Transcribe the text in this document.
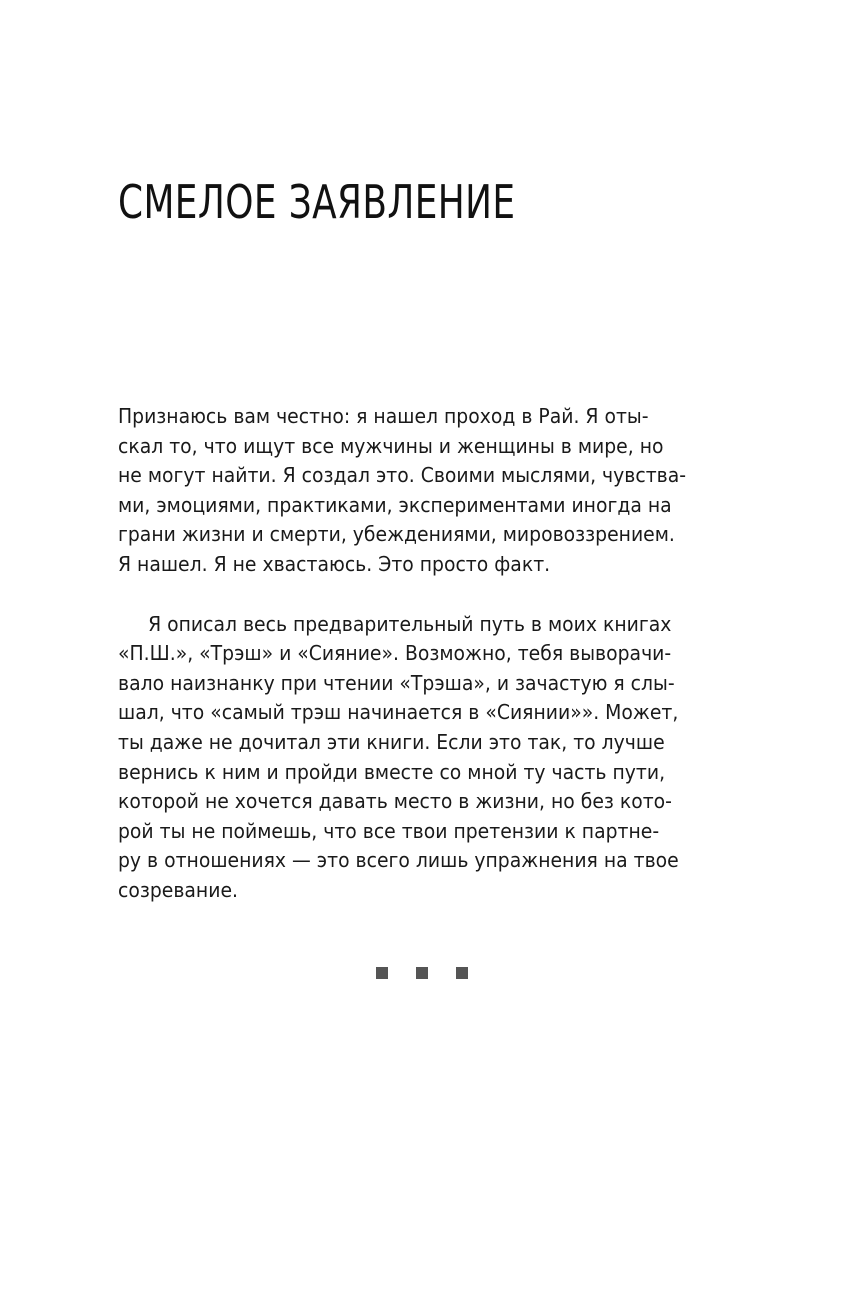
СМЕЛОЕ ЗАЯВЛЕНИЕ

Признаюсь вам честно: я нашел проход в Рай. Я оты-
скал то, что ищут все мужчины и женщины в мире, но
не могут найти. Я создал это. Своими мыслями, чувства-
ми, эмоциями, практиками, экспериментами иногда на
грани жизни и смерти, убеждениями, мировоззрением.
Я нашел. Я не хвастаюсь. Это просто факт.

Я описал весь предварительный путь в моих книгах
«П.Ш.», «Трэш» и «Сияние». Возможно, тебя выворачи-
вало наизнанку при чтении «Трэша», и зачастую я слы-
шал, что «самый трэш начинается в «Сиянии»». Может,
ты даже не дочитал эти книги. Если это так, то лучше
вернись к ним и пройди вместе со мной ту часть пути,
которой не хочется давать место в жизни, но без кото-
рой ты не поймешь, что все твои претензии к партне-
ру в отношениях — это всего лишь упражнения на твое
созревание.
